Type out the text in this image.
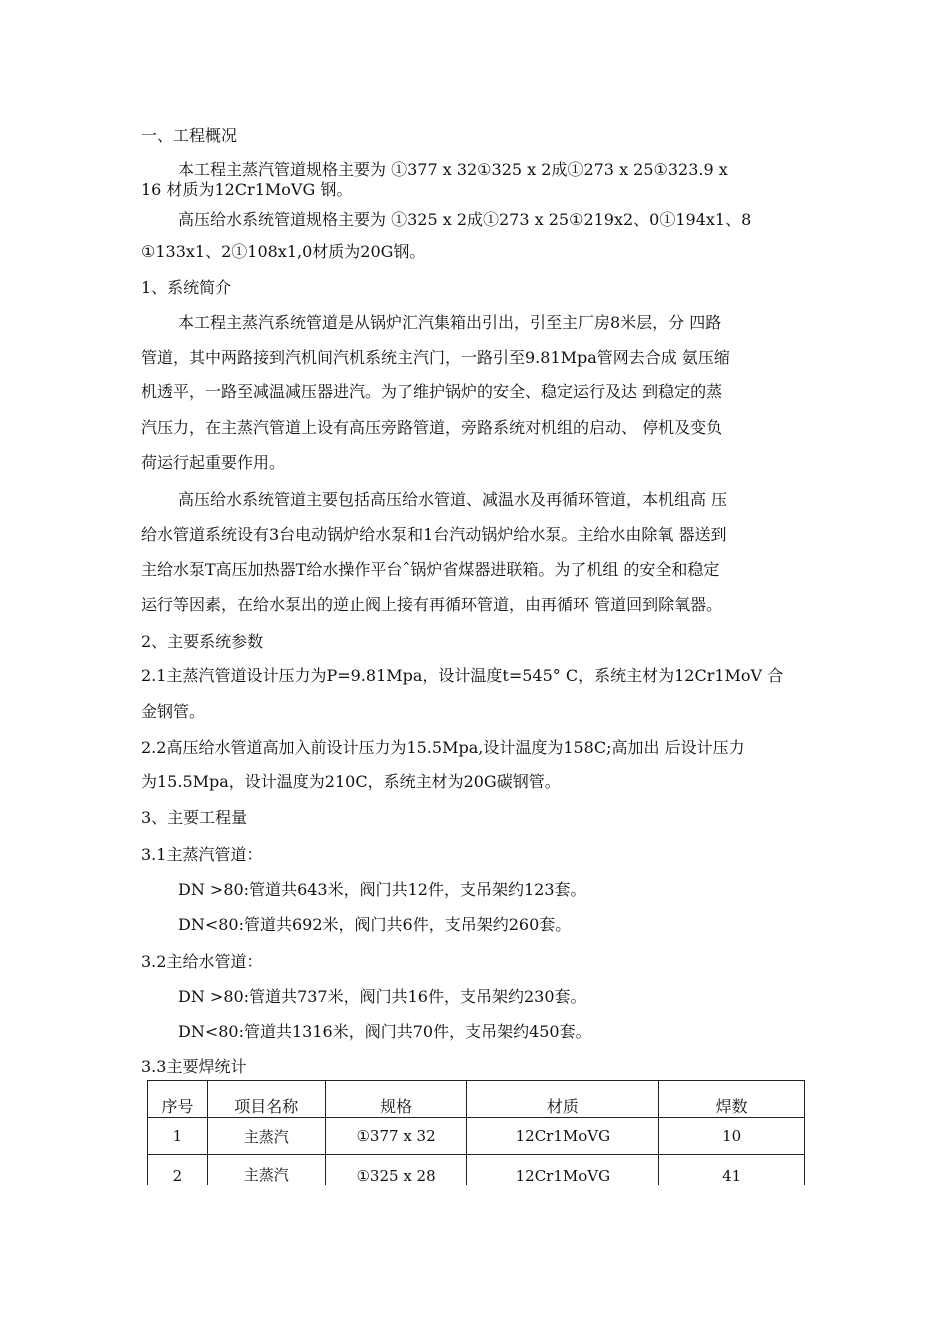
一、工程概况
本工程主蒸汽管道规格主要为 ①377 x 32①325 x 2成①273 x 25①323.9 x
16 材质为12Cr1MoVG 钢。
高压给水系统管道规格主要为 ①325 x 2成①273 x 25①219x2、0①194x1、8
①133x1、2①108x1,0材质为20G钢。
1、系统简介
本工程主蒸汽系统管道是从锅炉汇汽集箱出引出，引至主厂房8米层，分 四路
管道，其中两路接到汽机间汽机系统主汽门，一路引至9.81Mpa管网去合成 氨压缩
机透平，一路至减温减压器进汽。为了维护锅炉的安全、稳定运行及达 到稳定的蒸
汽压力，在主蒸汽管道上设有高压旁路管道，旁路系统对机组的启动、 停机及变负
荷运行起重要作用。
高压给水系统管道主要包括高压给水管道、减温水及再循环管道，本机组高 压
给水管道系统设有3台电动锅炉给水泵和1台汽动锅炉给水泵。主给水由除氧 器送到
主给水泵T高压加热器T给水操作平台ˆ锅炉省煤器进联箱。为了机组 的安全和稳定
运行等因素，在给水泵出的逆止阀上接有再循环管道，由再循环 管道回到除氧器。
2、主要系统参数
2.1主蒸汽管道设计压力为P=9.81Mpa，设计温度t=545° C，系统主材为12Cr1MoV 合
金钢管。
2.2高压给水管道高加入前设计压力为15.5Mpa,设计温度为158C;高加出 后设计压力
为15.5Mpa，设计温度为210C，系统主材为20G碳钢管。
3、主要工程量
3.1主蒸汽管道：
DN >80:管道共643米，阀门共12件，支吊架约123套。
DN<80:管道共692米，阀门共6件，支吊架约260套。
3.2主给水管道：
DN >80:管道共737米，阀门共16件，支吊架约230套。
DN<80:管道共1316米，阀门共70件，支吊架约450套。
3.3主要焊统计
序号	项目名称	规格	材质	焊数
1	主蒸汽	①377 x 32	12Cr1MoVG	10
2	主蒸汽	①325 x 28	12Cr1MoVG	41
